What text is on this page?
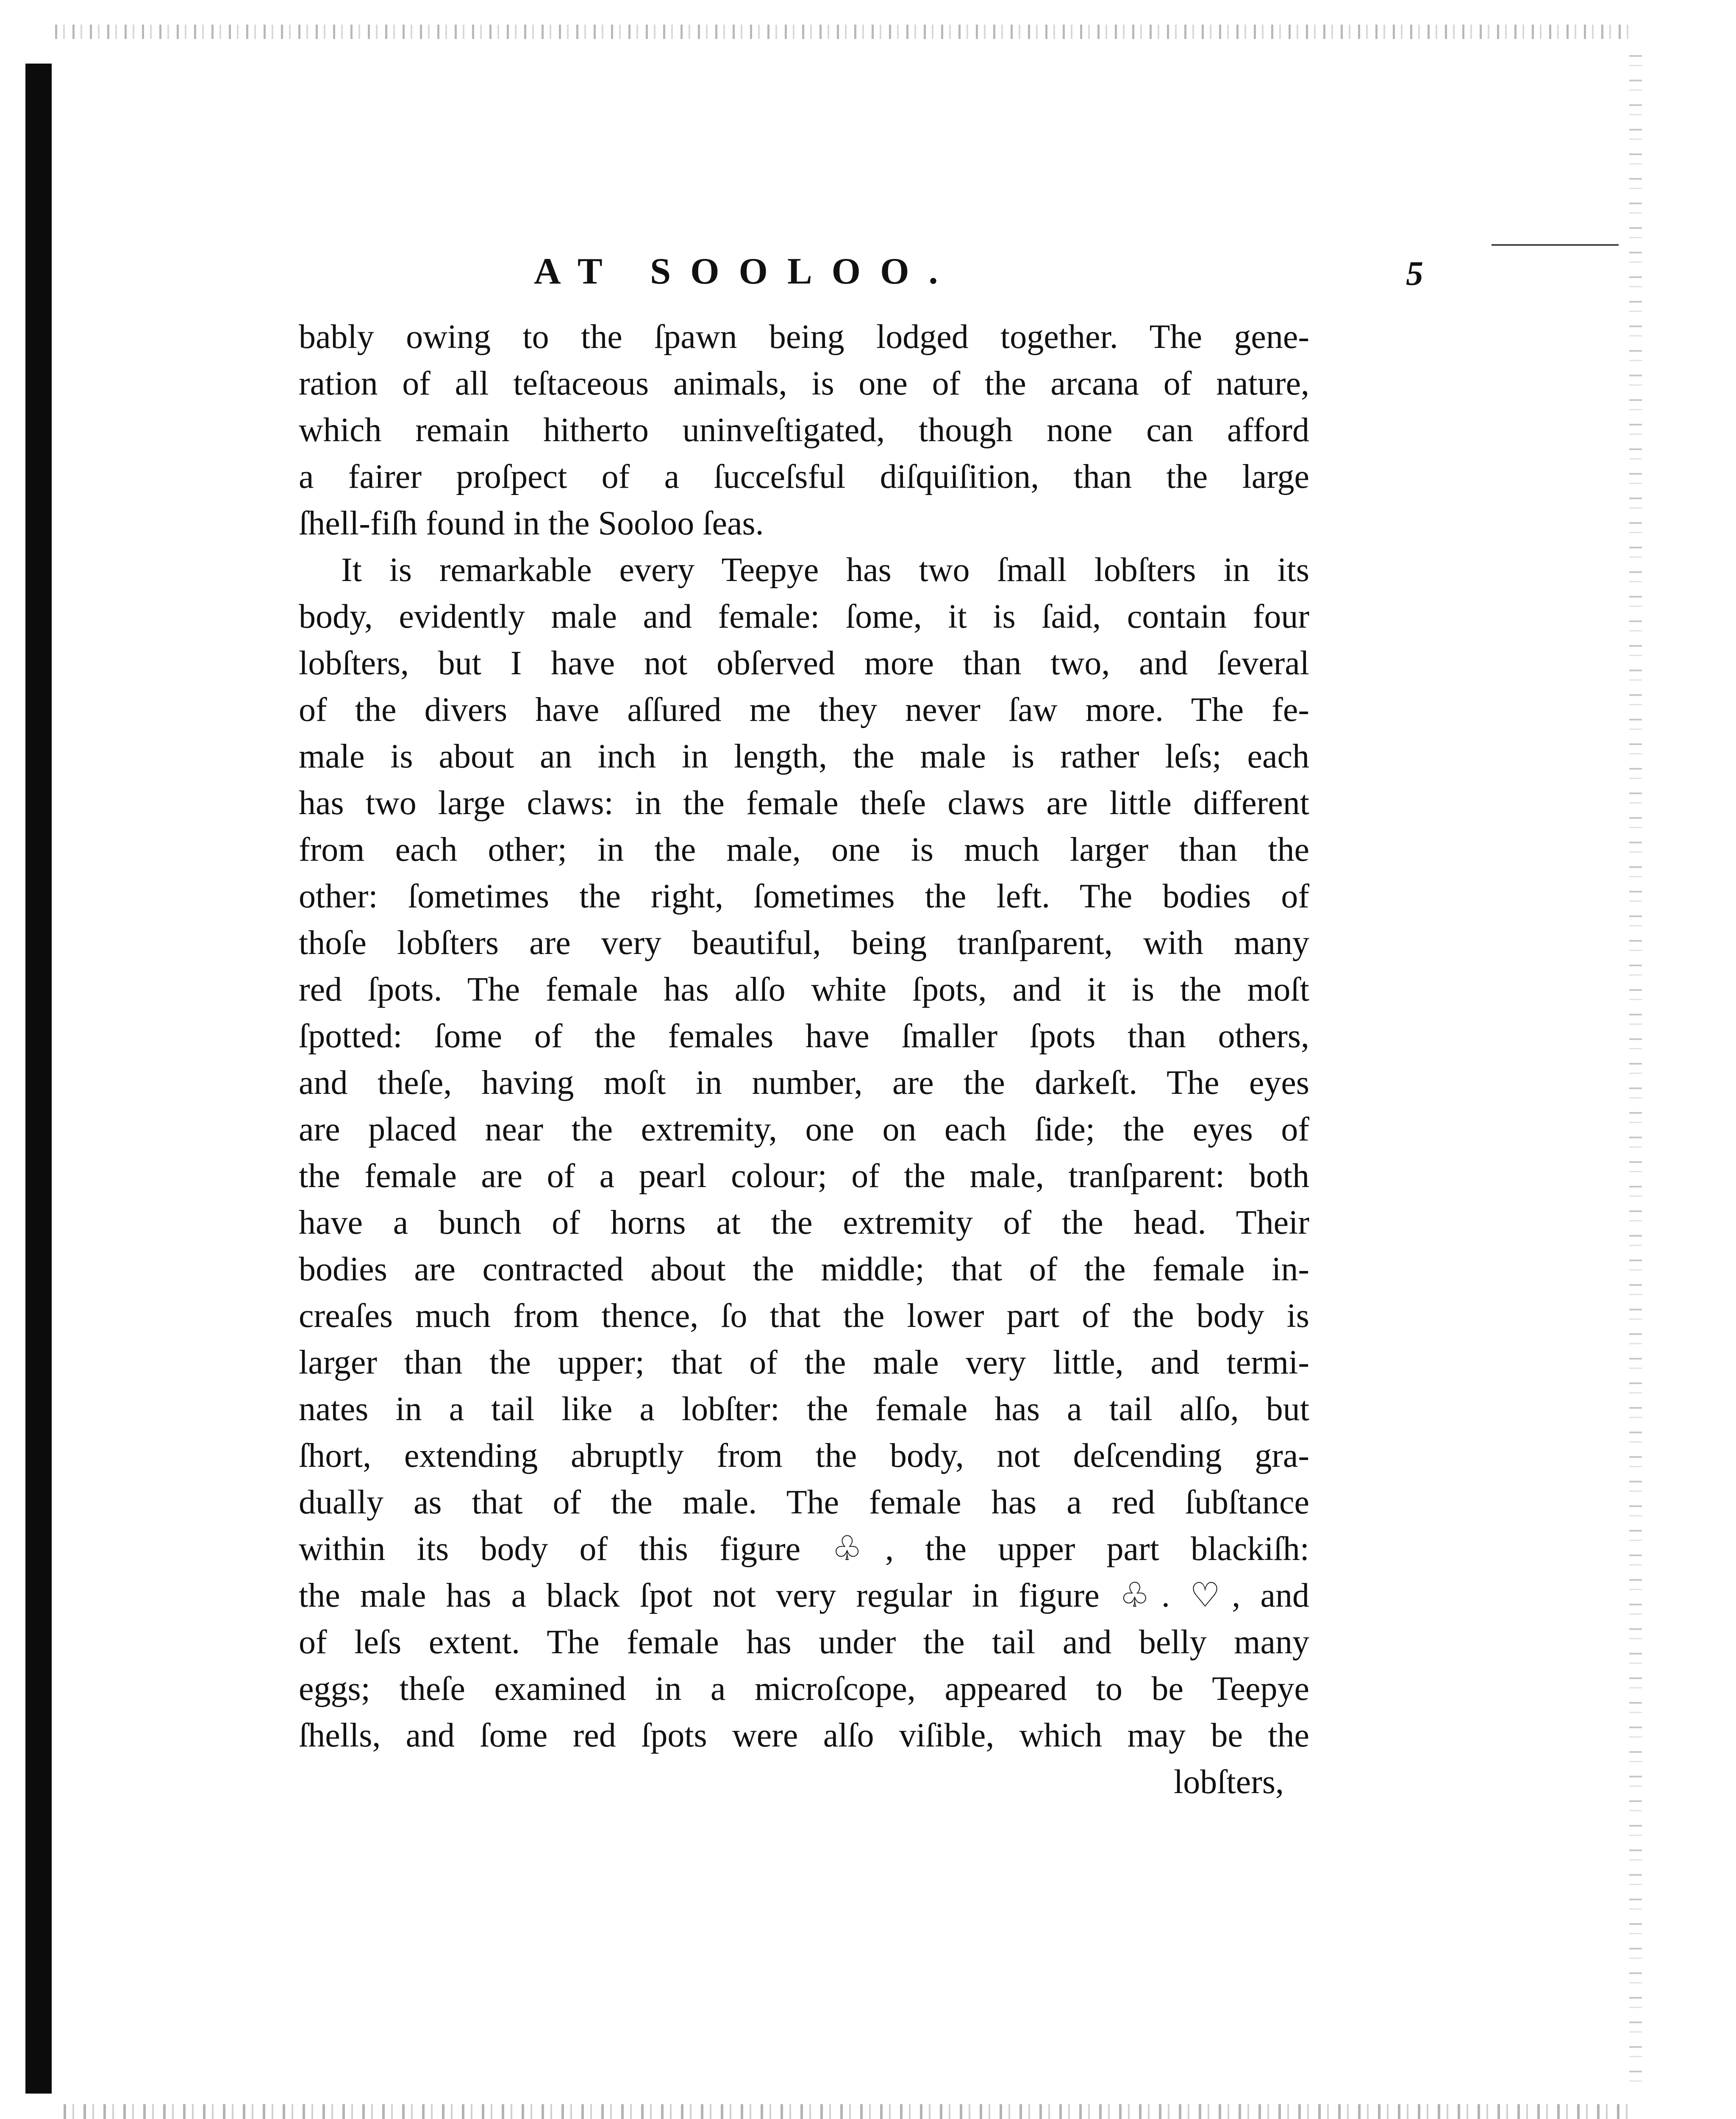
AT SOOLOO.	5
bably owing to the ſpawn being lodged together. The gene-
ration of all teſtaceous animals, is one of the arcana of nature,
which remain hitherto uninveſtigated, though none can afford
a fairer proſpect of a ſucceſsful diſquiſition, than the large
ſhell-fiſh found in the Sooloo ſeas.
It is remarkable every Teepye has two ſmall lobſters in its
body, evidently male and female: ſome, it is ſaid, contain four
lobſters, but I have not obſerved more than two, and ſeveral
of the divers have aſſured me they never ſaw more. The fe-
male is about an inch in length, the male is rather leſs; each
has two large claws: in the female theſe claws are little different
from each other; in the male, one is much larger than the
other: ſometimes the right, ſometimes the left. The bodies of
thoſe lobſters are very beautiful, being tranſparent, with many
red ſpots. The female has alſo white ſpots, and it is the moſt
ſpotted: ſome of the females have ſmaller ſpots than others,
and theſe, having moſt in number, are the darkeſt. The eyes
are placed near the extremity, one on each ſide; the eyes of
the female are of a pearl colour; of the male, tranſparent: both
have a bunch of horns at the extremity of the head. Their
bodies are contracted about the middle; that of the female in-
creaſes much from thence, ſo that the lower part of the body is
larger than the upper; that of the male very little, and termi-
nates in a tail like a lobſter: the female has a tail alſo, but
ſhort, extending abruptly from the body, not deſcending gra-
dually as that of the male. The female has a red ſubſtance
within its body of this figure ♧, the upper part blackiſh:
the male has a black ſpot not very regular in figure ♧. ♡, and
of leſs extent. The female has under the tail and belly many
eggs; theſe examined in a microſcope, appeared to be Teepye
ſhells, and ſome red ſpots were alſo viſible, which may be the
lobſters,
